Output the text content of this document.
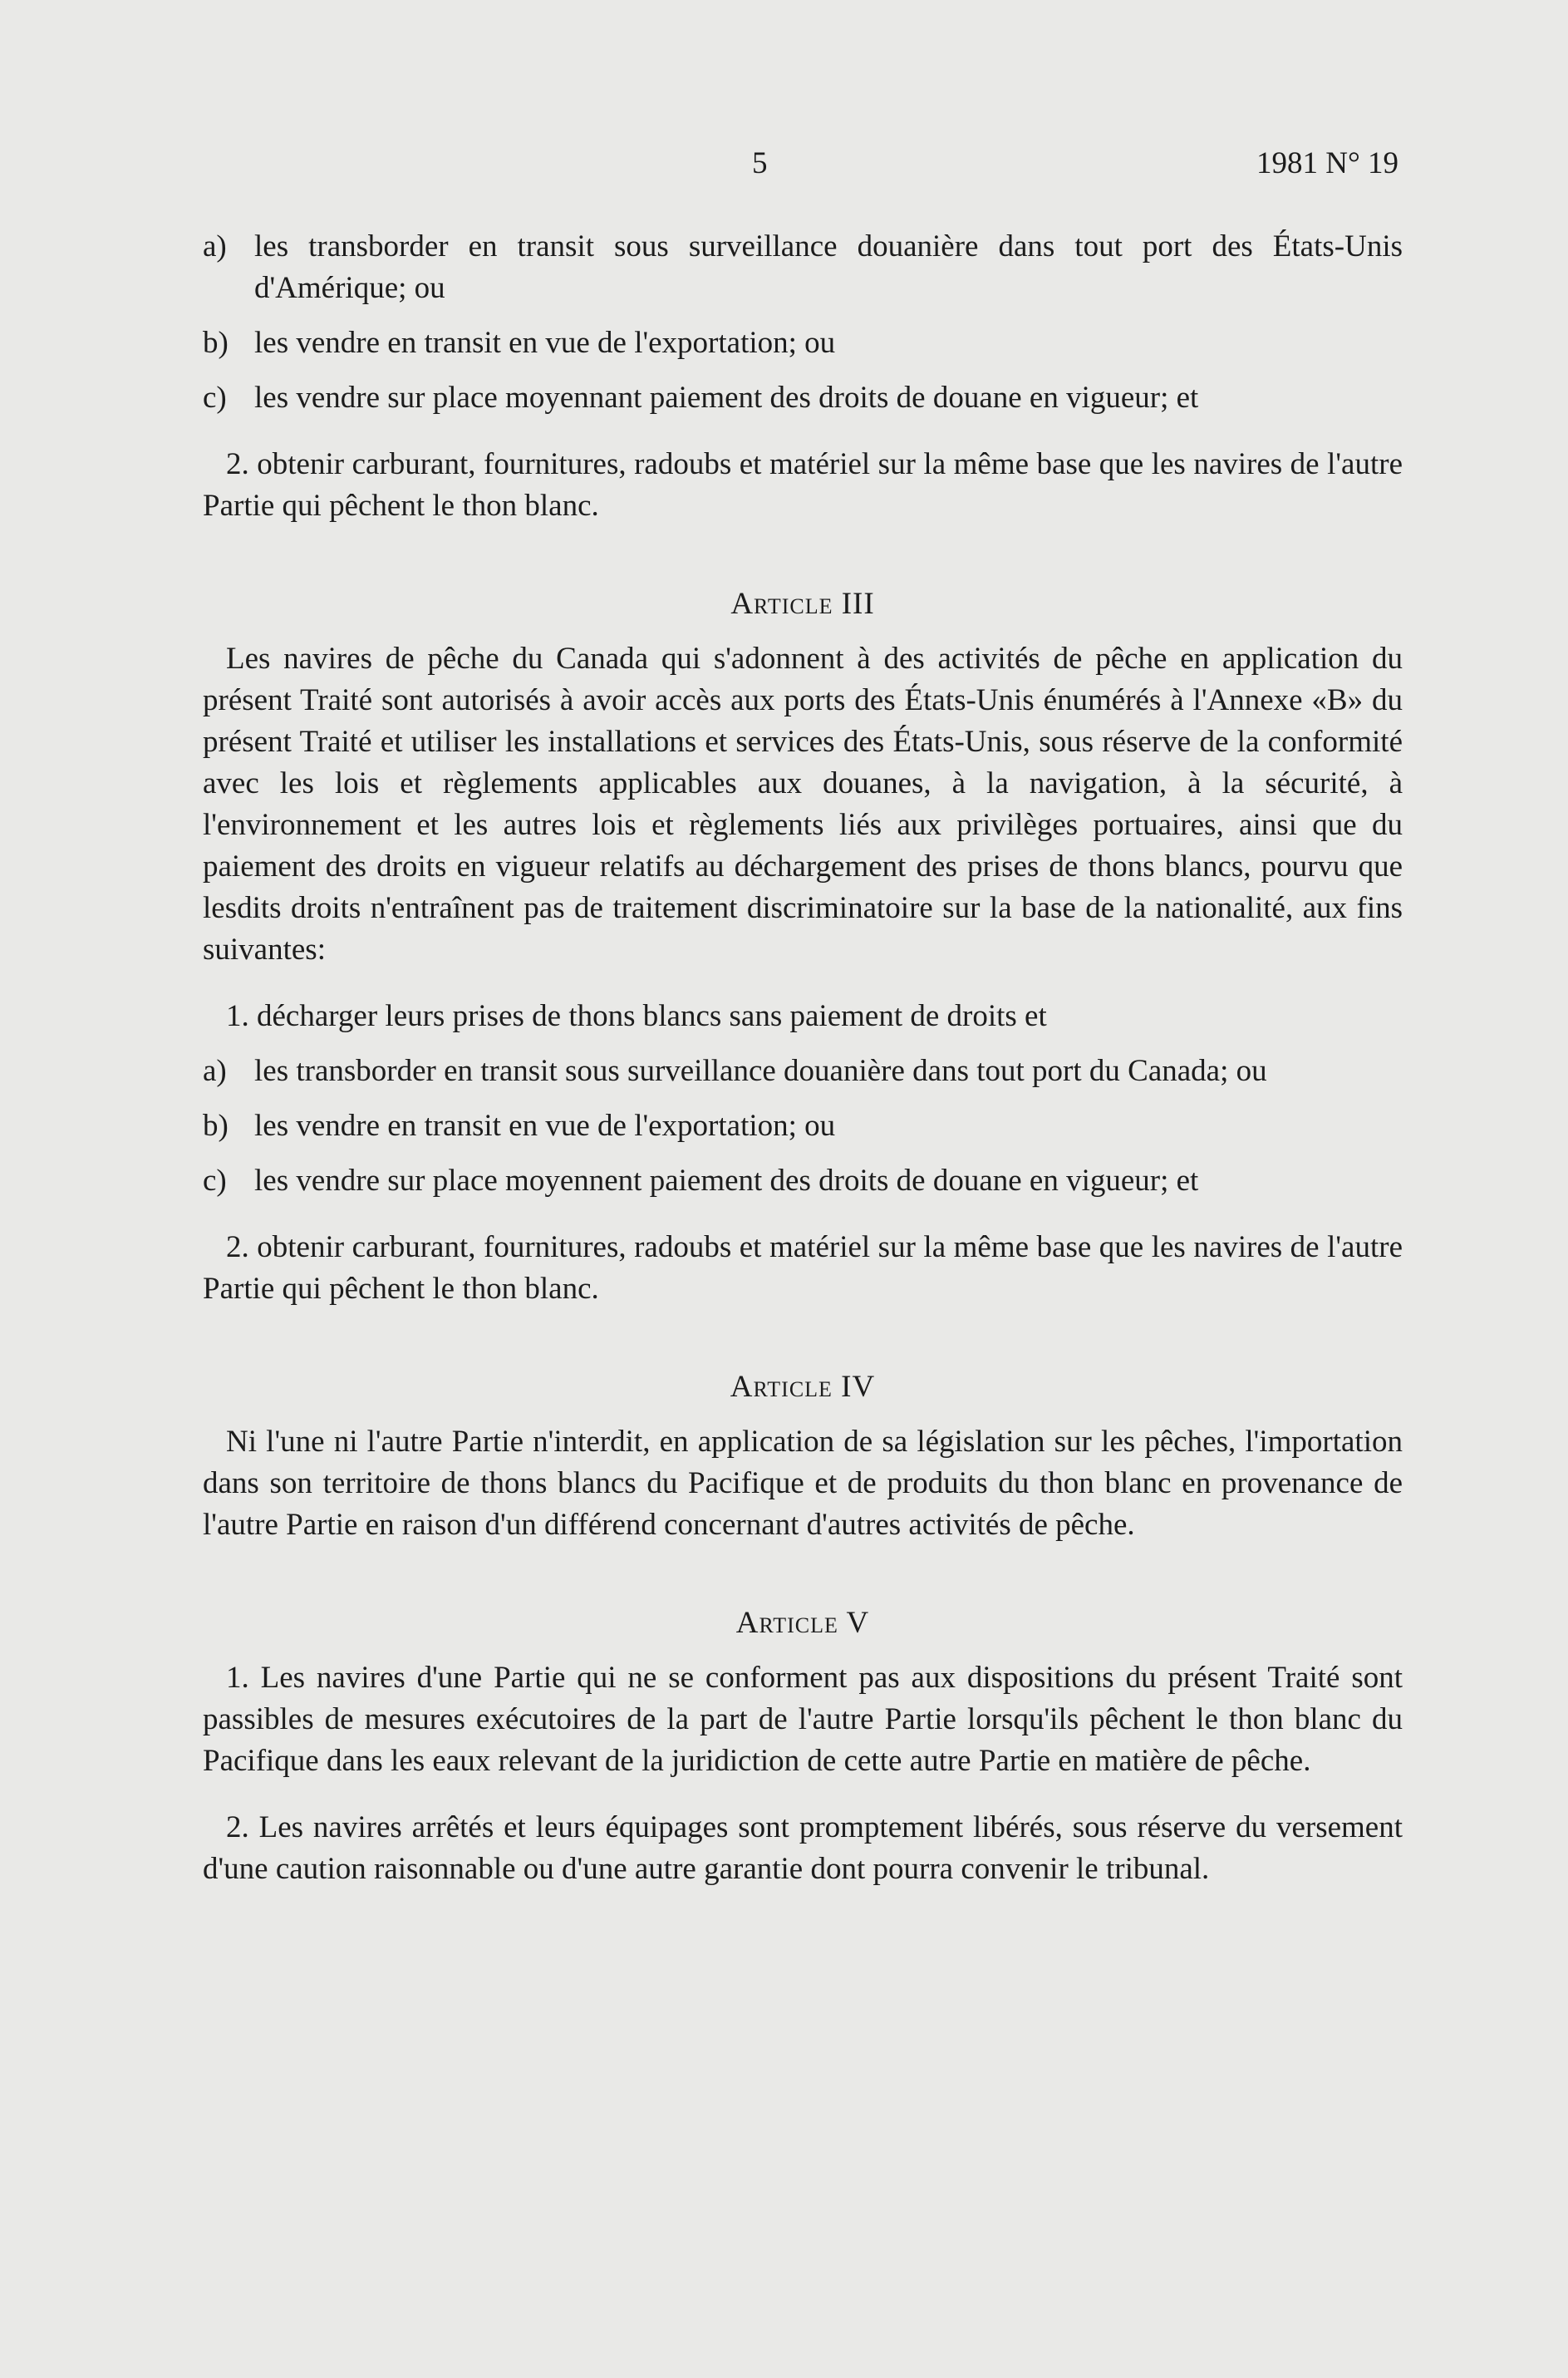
5	1981 N° 19
a) les transborder en transit sous surveillance douanière dans tout port des États-Unis d'Amérique; ou
b) les vendre en transit en vue de l'exportation; ou
c) les vendre sur place moyennant paiement des droits de douane en vigueur; et

2. obtenir carburant, fournitures, radoubs et matériel sur la même base que les navires de l'autre Partie qui pêchent le thon blanc.

Article III

Les navires de pêche du Canada qui s'adonnent à des activités de pêche en application du présent Traité sont autorisés à avoir accès aux ports des États-Unis énumérés à l'Annexe «B» du présent Traité et utiliser les installations et services des États-Unis, sous réserve de la conformité avec les lois et règlements applicables aux douanes, à la navigation, à la sécurité, à l'environnement et les autres lois et règlements liés aux privilèges portuaires, ainsi que du paiement des droits en vigueur relatifs au déchargement des prises de thons blancs, pourvu que lesdits droits n'entraînent pas de traitement discriminatoire sur la base de la nationalité, aux fins suivantes:

1. décharger leurs prises de thons blancs sans paiement de droits et

a) les transborder en transit sous surveillance douanière dans tout port du Canada; ou
b) les vendre en transit en vue de l'exportation; ou
c) les vendre sur place moyennent paiement des droits de douane en vigueur; et

2. obtenir carburant, fournitures, radoubs et matériel sur la même base que les navires de l'autre Partie qui pêchent le thon blanc.

Article IV

Ni l'une ni l'autre Partie n'interdit, en application de sa législation sur les pêches, l'importation dans son territoire de thons blancs du Pacifique et de produits du thon blanc en provenance de l'autre Partie en raison d'un différend concernant d'autres activités de pêche.

Article V

1. Les navires d'une Partie qui ne se conforment pas aux dispositions du présent Traité sont passibles de mesures exécutoires de la part de l'autre Partie lorsqu'ils pêchent le thon blanc du Pacifique dans les eaux relevant de la juridiction de cette autre Partie en matière de pêche.

2. Les navires arrêtés et leurs équipages sont promptement libérés, sous réserve du versement d'une caution raisonnable ou d'une autre garantie dont pourra convenir le tribunal.
